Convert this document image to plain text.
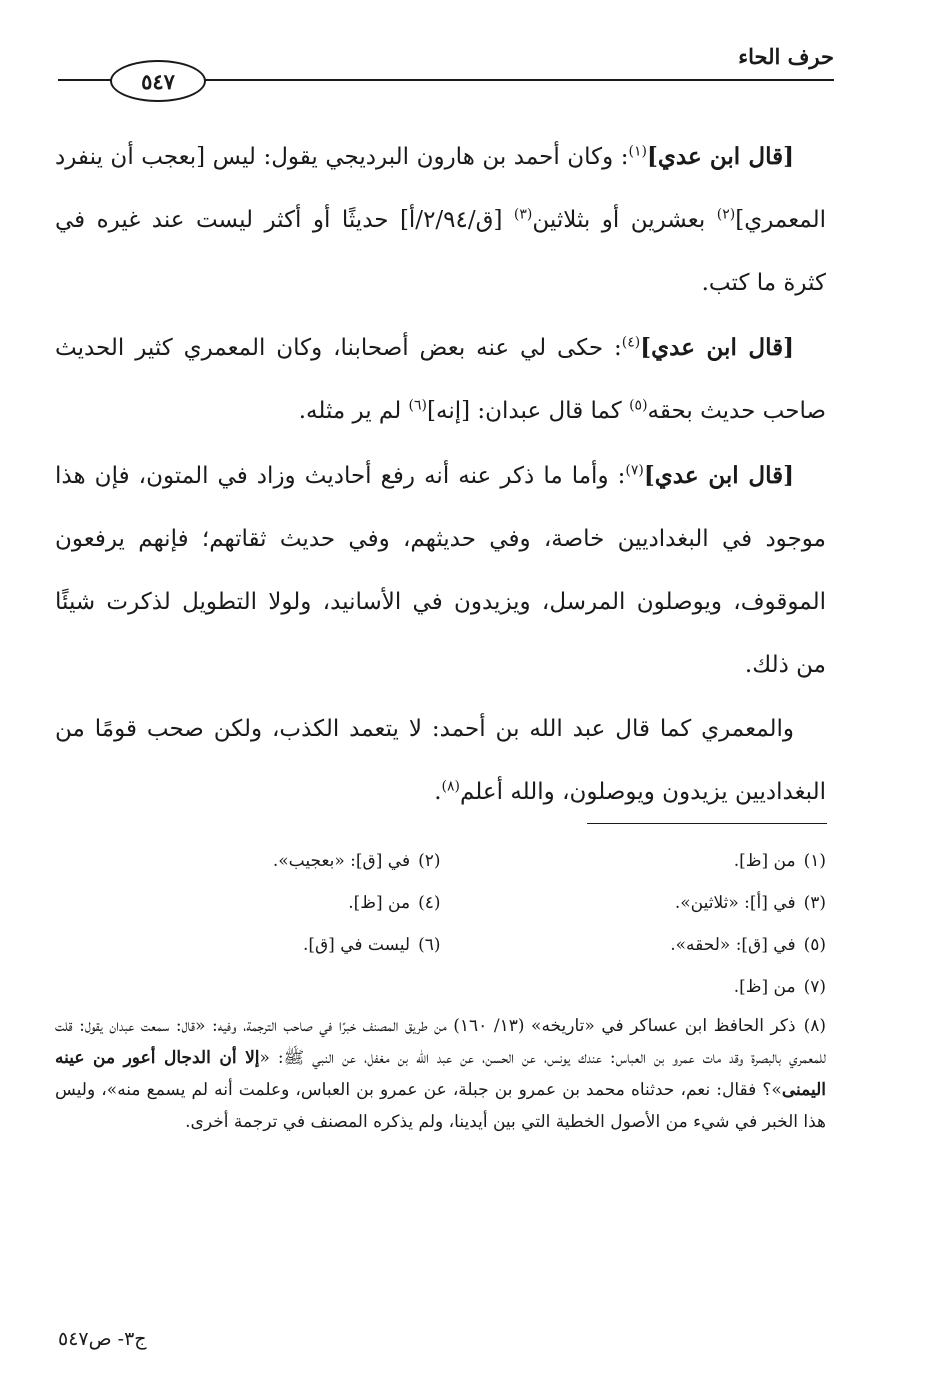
حرف الحاء
٥٤٧

[قال ابن عدي]$^{(١)}$: وكان أحمد بن هارون البرديجي يقول: ليس [بعجب أن ينفرد المعمري]$^{(٢)}$ بعشرين أو بثلاثين$^{(٣)}$ [ق/٢/٩٤/أ] حديثًا أو أكثر ليست عند غيره في كثرة ما كتب.

[قال ابن عدي]$^{(٤)}$: حكى لي عنه بعض أصحابنا، وكان المعمري كثير الحديث صاحب حديث بحقه$^{(٥)}$ كما قال عبدان: [إنه]$^{(٦)}$ لم ير مثله.

[قال ابن عدي]$^{(٧)}$: وأما ما ذكر عنه أنه رفع أحاديث وزاد في المتون، فإن هذا موجود في البغداديين خاصة، وفي حديثهم، وفي حديث ثقاتهم؛ فإنهم يرفعون الموقوف، ويوصلون المرسل، ويزيدون في الأسانيد، ولولا التطويل لذكرت شيئًا من ذلك.

والمعمري كما قال عبد الله بن أحمد: لا يتعمد الكذب، ولكن صحب قومًا من البغداديين يزيدون ويوصلون، والله أعلم$^{(٨)}$.

(١)
من [ظ].
(٢)
في [ق]: «بعجيب».
(٣)
في [أ]: «ثلاثين».
(٤)
من [ظ].
(٥)
في [ق]: «لحقه».
(٦)
ليست في [ق].
(٧)
من [ظ].
(٨)ذكر الحافظ ابن عساكر في «تاريخه» (١٣/ ١٦٠) من طريق المصنف خبرًا في صاحب الترجمة، وفيه: «قال: سمعت عبدان يقول: قلت للمعمري بالبصرة وقد مات عمرو بن العباس: عندك يونس، عن الحسن، عن عبد الله بن مغفل، عن النبي ﷺ: «إلا أن الدجال أعور من عينه اليمنى»؟ فقال: نعم، حدثناه محمد بن عمرو بن جبلة، عن عمرو بن العباس، وعلمت أنه لم يسمع منه»، وليس هذا الخبر في شيء من الأصول الخطية التي بين أيدينا، ولم يذكره المصنف في ترجمة أخرى.
ج٣- ص٥٤٧
